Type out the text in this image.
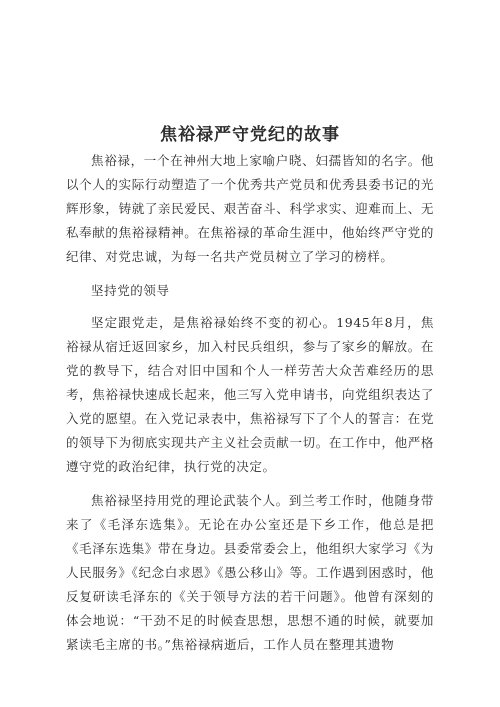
焦裕禄严守党纪的故事

焦裕禄，一个在神州大地上家喻户晓、妇孺皆知的名字。他以个人的实际行动塑造了一个优秀共产党员和优秀县委书记的光辉形象，铸就了亲民爱民、艰苦奋斗、科学求实、迎难而上、无私奉献的焦裕禄精神。在焦裕禄的革命生涯中，他始终严守党的纪律、对党忠诚，为每一名共产党员树立了学习的榜样。

坚持党的领导

坚定跟党走，是焦裕禄始终不变的初心。1945年8月，焦裕禄从宿迁返回家乡，加入村民兵组织，参与了家乡的解放。在党的教导下，结合对旧中国和个人一样劳苦大众苦难经历的思考，焦裕禄快速成长起来，他三写入党申请书，向党组织表达了入党的愿望。在入党记录表中，焦裕禄写下了个人的誓言：在党的领导下为彻底实现共产主义社会贡献一切。在工作中，他严格遵守党的政治纪律，执行党的决定。

焦裕禄坚持用党的理论武装个人。到兰考工作时，他随身带来了《毛泽东选集》。无论在办公室还是下乡工作，他总是把《毛泽东选集》带在身边。县委常委会上，他组织大家学习《为人民服务》《纪念白求恩》《愚公移山》等。工作遇到困惑时，他反复研读毛泽东的《关于领导方法的若干问题》。他曾有深刻的体会地说：“干劲不足的时候查思想，思想不通的时候，就要加紧读毛主席的书。”焦裕禄病逝后，工作人员在整理其遗物
